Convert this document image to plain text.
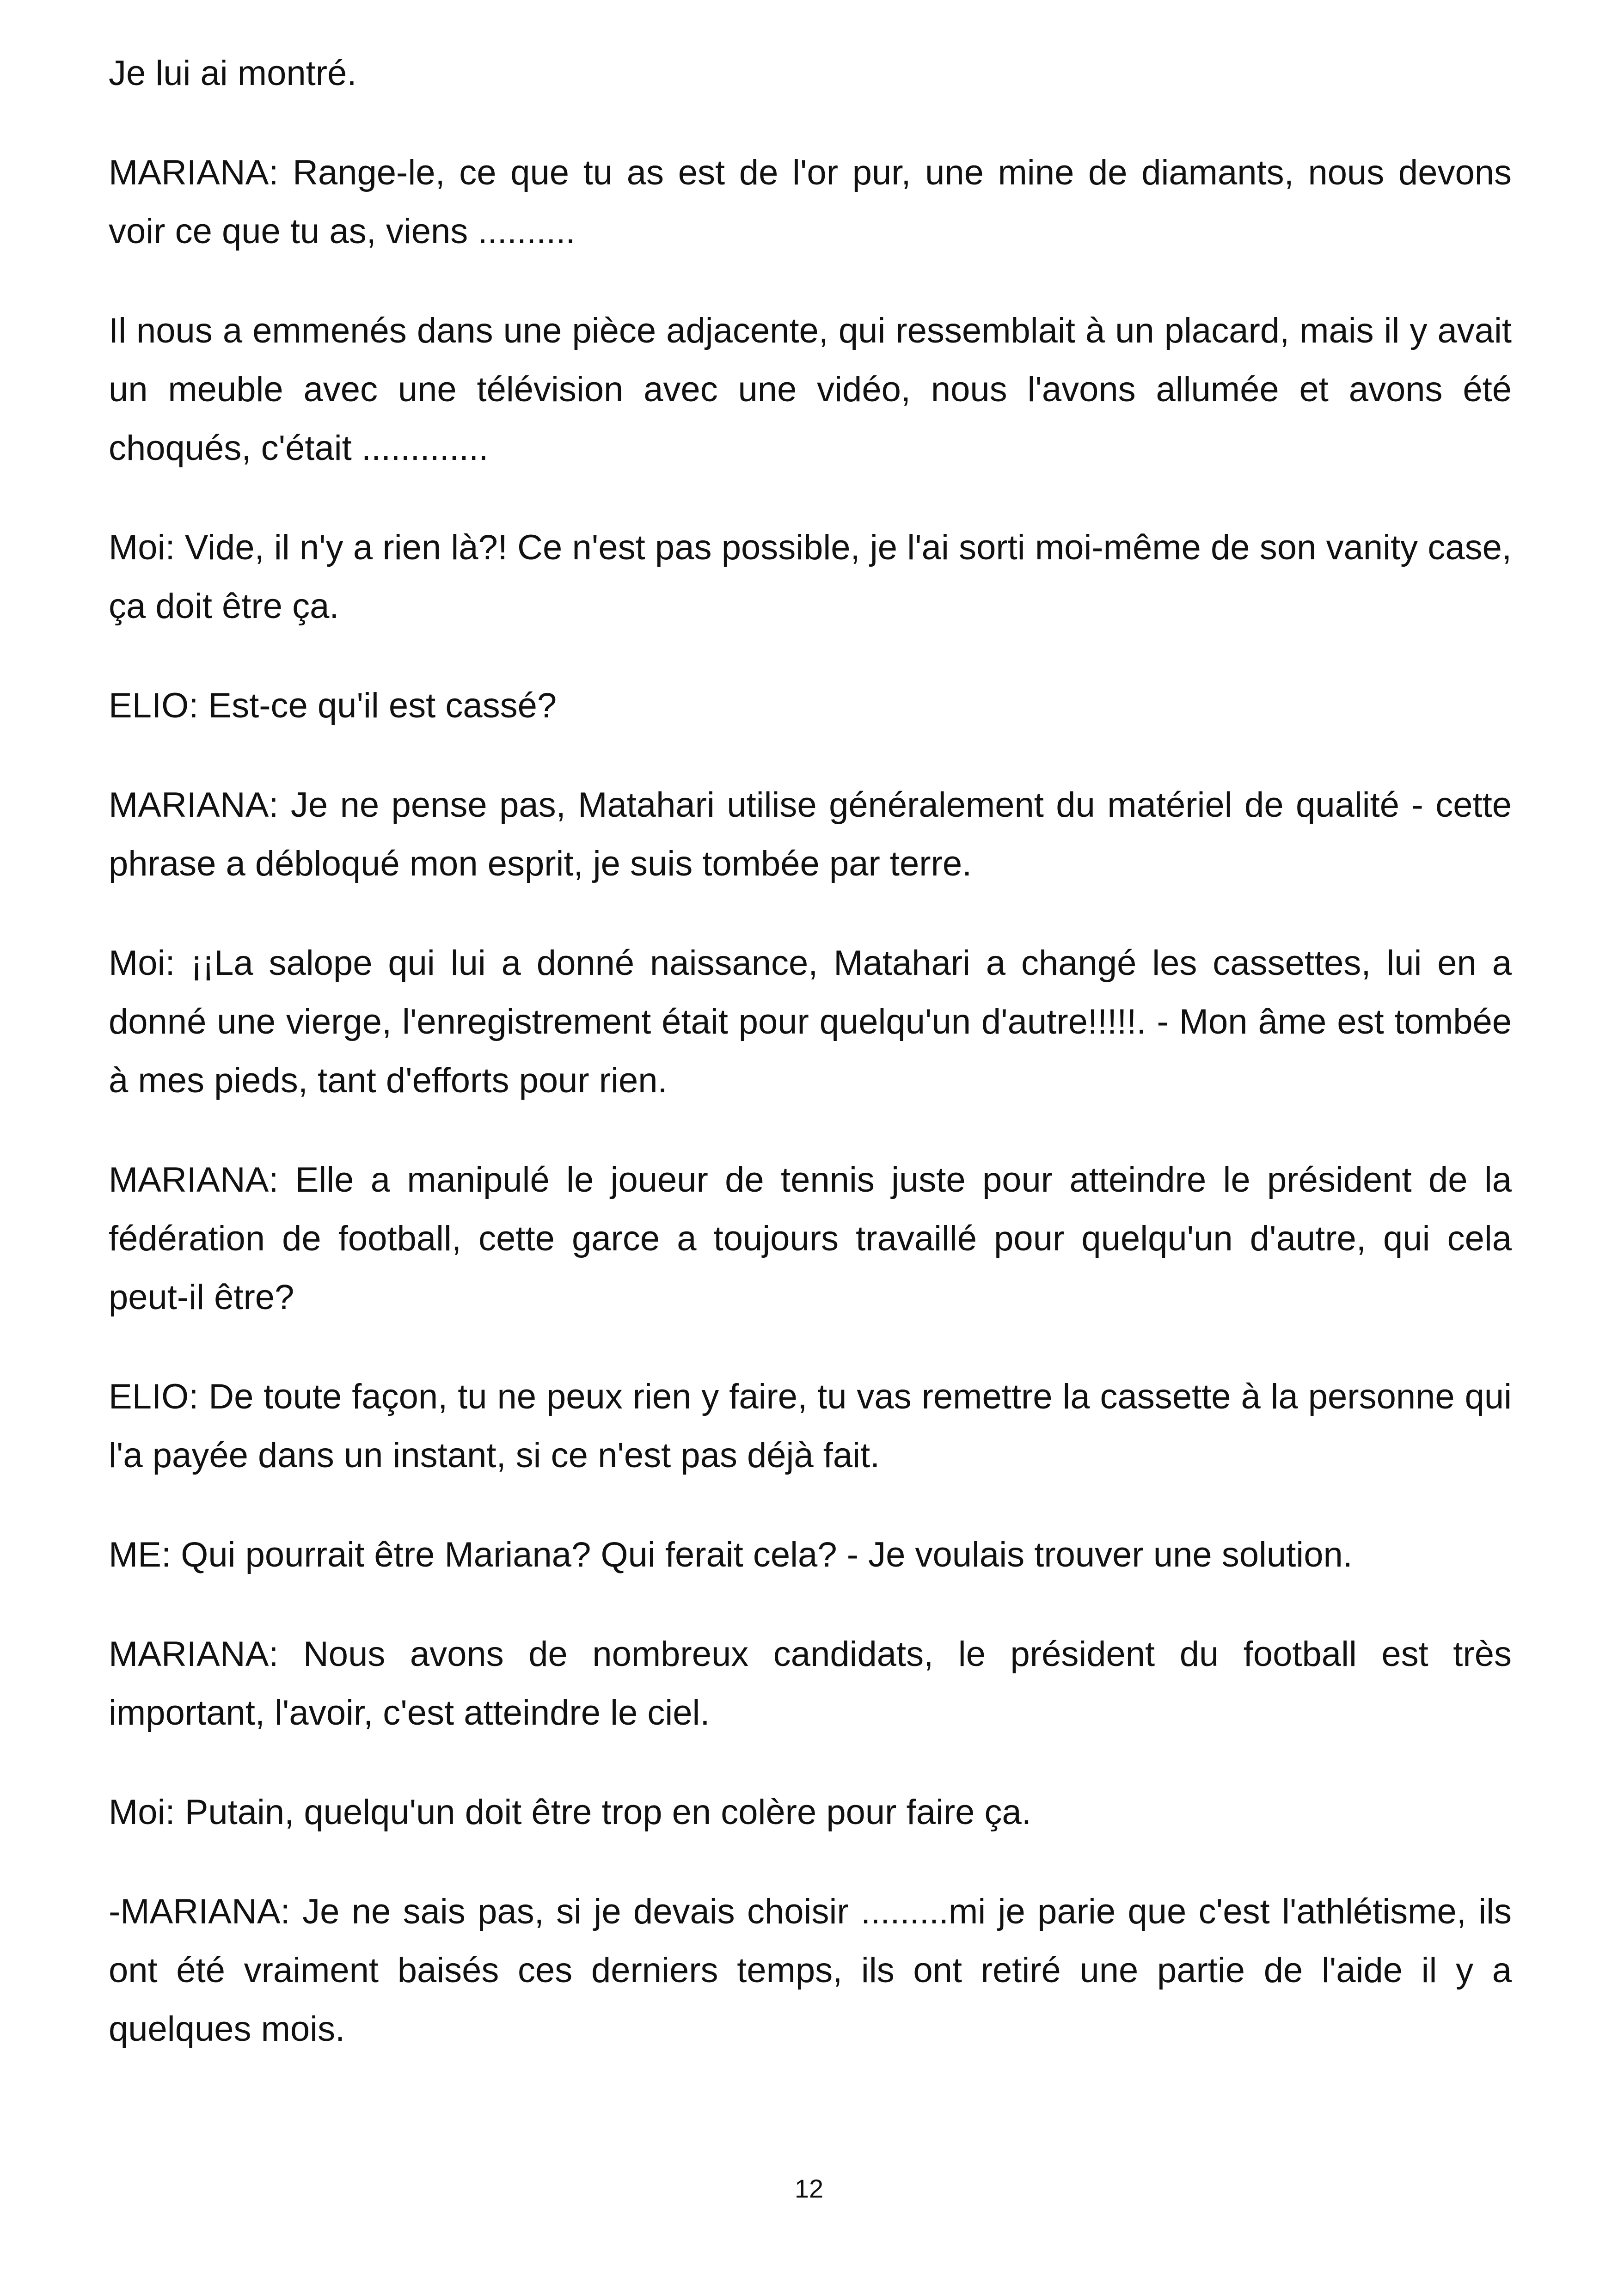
Je lui ai montré.

MARIANA: Range-le, ce que tu as est de l'or pur, une mine de diamants, nous devons voir ce que tu as, viens ..........

Il nous a emmenés dans une pièce adjacente, qui ressemblait à un placard, mais il y avait un meuble avec une télévision avec une vidéo, nous l'avons allumée et avons été choqués, c'était .............

Moi: Vide, il n'y a rien là?! Ce n'est pas possible, je l'ai sorti moi-même de son vanity case, ça doit être ça.

ELIO: Est-ce qu'il est cassé?

MARIANA: Je ne pense pas, Matahari utilise généralement du matériel de qualité - cette phrase a débloqué mon esprit, je suis tombée par terre.

Moi: ¡¡La salope qui lui a donné naissance, Matahari a changé les cassettes, lui en a donné une vierge, l'enregistrement était pour quelqu'un d'autre!!!!!. - Mon âme est tombée à mes pieds, tant d'efforts pour rien.

MARIANA: Elle a manipulé le joueur de tennis juste pour atteindre le président de la fédération de football, cette garce a toujours travaillé pour quelqu'un d'autre, qui cela peut-il être?

ELIO: De toute façon, tu ne peux rien y faire, tu vas remettre la cassette à la personne qui l'a payée dans un instant, si ce n'est pas déjà fait.

ME: Qui pourrait être Mariana? Qui ferait cela? - Je voulais trouver une solution.

MARIANA: Nous avons de nombreux candidats, le président du football est très important, l'avoir, c'est atteindre le ciel.

Moi: Putain, quelqu'un doit être trop en colère pour faire ça.

-MARIANA: Je ne sais pas, si je devais choisir .........mi je parie que c'est l'athlétisme, ils ont été vraiment baisés ces derniers temps, ils ont retiré une partie de l'aide il y a quelques mois.

12
